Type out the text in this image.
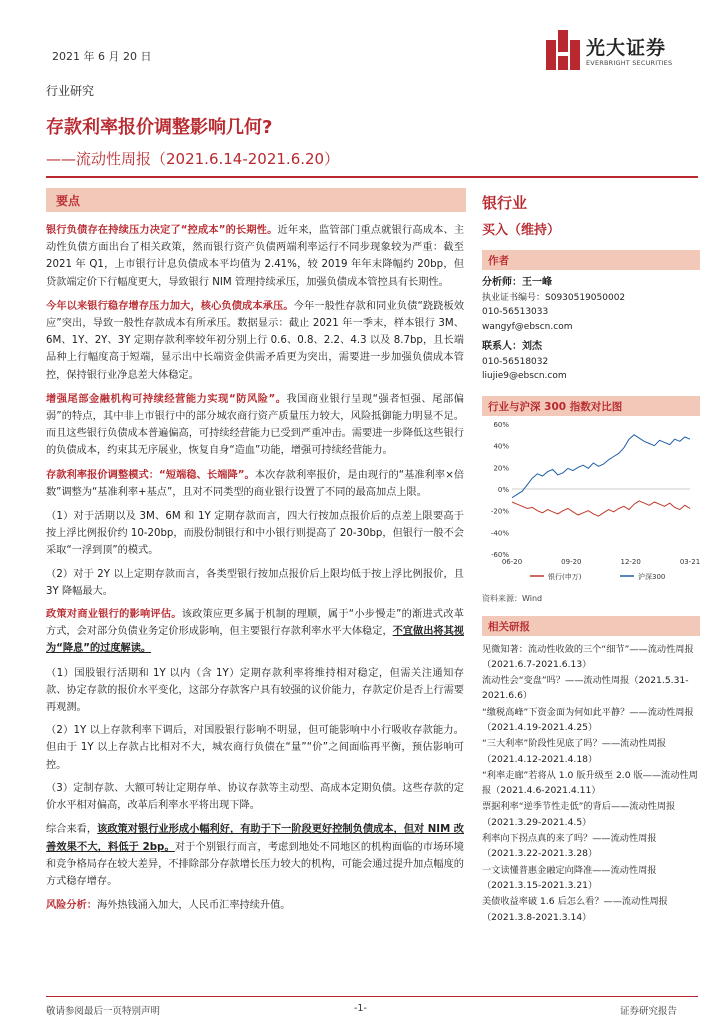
2021 年 6 月 20 日	光大证券
EVERBRIGHT SECURITIES
行业研究
存款利率报价调整影响几何?
——流动性周报（2021.6.14-2021.6.20）
要点

银行负债存在持续压力决定了“控成本”的长期性。近年来，监管部门重点就银行高成本、主动性负债方面出台了相关政策，然而银行资产负债两端利率运行不同步现象较为严重：截至 2021 年 Q1，上市银行计息负债成本平均值为 2.41%，较 2019 年年末降幅约 20bp，但贷款端定价下行幅度更大，导致银行 NIM 管理持续承压，加强负债成本管控具有长期性。

今年以来银行稳存增存压力加大，核心负债成本承压。今年一般性存款和同业负债“跷跷板效应”突出，导致一般性存款成本有所承压。数据显示：截止 2021 年一季末，样本银行 3M、6M、1Y、2Y、3Y 定期存款利率较年初分别上行 0.6、0.8、2.2、4.3 以及 8.7bp，且长端品种上行幅度高于短端，显示出中长端资金供需矛盾更为突出，需要进一步加强负债成本管控，保持银行业净息差大体稳定。

增强尾部金融机构可持续经营能力实现“防风险”。我国商业银行呈现“强者恒强、尾部偏弱”的特点，其中非上市银行中的部分城农商行资产质量压力较大，风险抵御能力明显不足。而且这些银行负债成本普遍偏高，可持续经营能力已受到严重冲击。需要进一步降低这些银行的负债成本，约束其无序展业，恢复自身“造血”功能，增强可持续经营能力。

存款利率报价调整模式：“短端稳、长端降”。本次存款利率报价，是由现行的“基准利率×倍数”调整为“基准利率+基点”，且对不同类型的商业银行设置了不同的最高加点上限。

（1）对于活期以及 3M、6M 和 1Y 定期存款而言，四大行按加点报价后的点差上限要高于按上浮比例报价约 10-20bp，而股份制银行和中小银行则提高了 20-30bp，但银行一般不会采取“一浮到顶”的模式。

（2）对于 2Y 以上定期存款而言，各类型银行按加点报价后上限均低于按上浮比例报价，且 3Y 降幅最大。

政策对商业银行的影响评估。该政策应更多属于机制的理顺，属于“小步慢走”的渐进式改革方式，会对部分负债业务定价形成影响，但主要银行存款利率水平大体稳定，不宜做出将其视为“降息”的过度解读。

（1）国股银行活期和 1Y 以内（含 1Y）定期存款利率将维持相对稳定，但需关注通知存款、协定存款的报价水平变化，这部分存款客户具有较强的议价能力，存款定价是否上行需要再观测。

（2）1Y 以上存款利率下调后，对国股银行影响不明显，但可能影响中小行吸收存款能力。但由于 1Y 以上存款占比相对不大，城农商行负债在“量”“价”之间面临再平衡，预估影响可控。

（3）定制存款、大额可转让定期存单、协议存款等主动型、高成本定期负债。这些存款的定价水平相对偏高，改革后利率水平将出现下降。

综合来看，该政策对银行业形成小幅利好，有助于下一阶段更好控制负债成本，但对 NIM 改善效果不大，料低于 2bp。对于个别银行而言，考虑到地处不同地区的机构面临的市场环境和竞争格局存在较大差异，不排除部分存款增长压力较大的机构，可能会通过提升加点幅度的方式稳存增存。

风险分析：海外热钱涌入加大，人民币汇率持续升值。

银行业
买入（维持）
作者
分析师：王一峰
执业证书编号：S0930519050002
010-56513033
wangyf@ebscn.com
联系人：刘杰
010-56518032
liujie9@ebscn.com
行业与沪深 300 指数对比图
60%
40%
20%
0%
-20%
-40%
-60%
06-20	09-20	12-20	03-21
银行(申万)	沪深300
资料来源：Wind
相关研报
见微知著：流动性收敛的三个“细节”——流动性周报（2021.6.7-2021.6.13）
流动性会“变盘”吗？——流动性周报（2021.5.31-2021.6.6）
“缴税高峰”下资金面为何如此平静？——流动性周报（2021.4.19-2021.4.25）
“三大利率”阶段性见底了吗？——流动性周报（2021.4.12-2021.4.18）
“利率走廊”若将从 1.0 版升级至 2.0 版——流动性周报（2021.4.6-2021.4.11）
票据利率“逆季节性走低”的背后——流动性周报（2021.3.29-2021.4.5）
利率向下拐点真的来了吗？——流动性周报（2021.3.22-2021.3.28）
一文读懂普惠金融定向降准——流动性周报（2021.3.15-2021.3.21）
美债收益率破 1.6 后怎么看？——流动性周报（2021.3.8-2021.3.14）
敬请参阅最后一页特别声明	-1-	证券研究报告
